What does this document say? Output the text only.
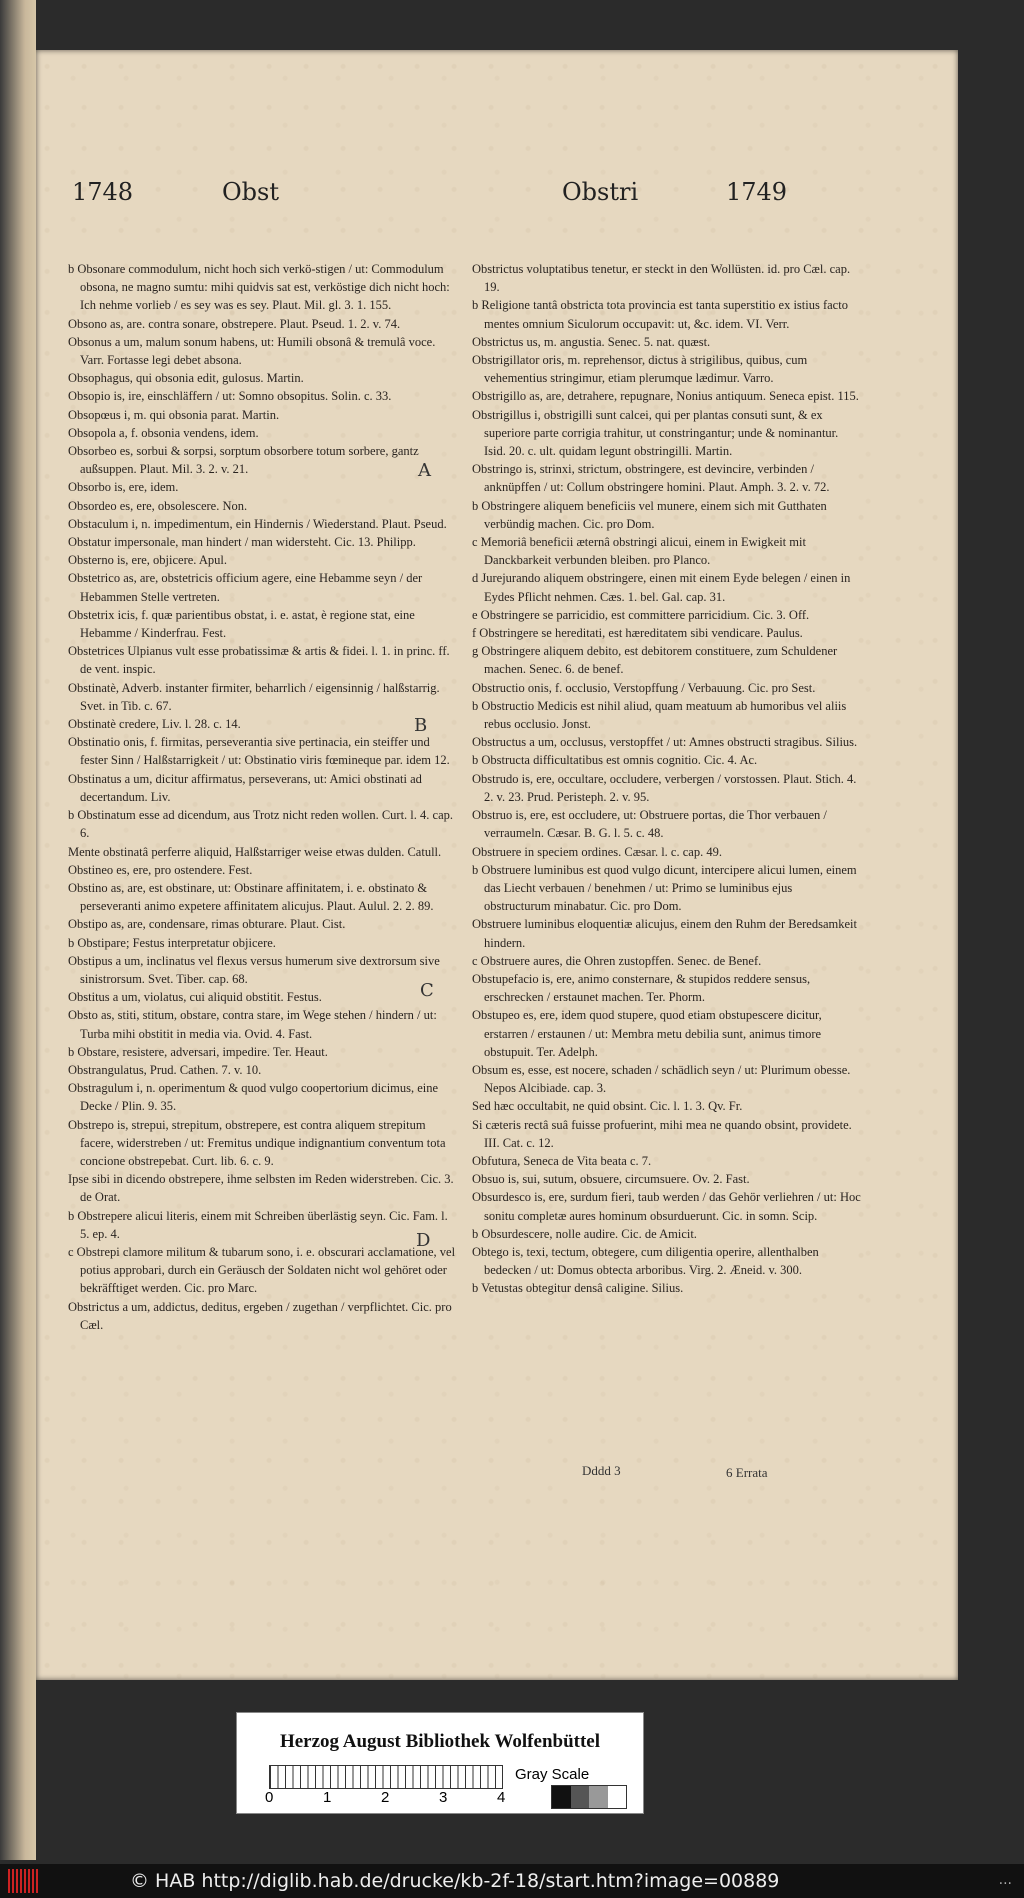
1748	Obst	Obstri	1749

b Obsonare commodulum, nicht hoch sich verkö-stigen / ut: Commodulum obsona, ne magno sumtu: mihi quidvis sat est, verköstige dich nicht hoch: Ich nehme vorlieb / es sey was es sey. Plaut. Mil. gl. 3. 1. 155.

Obsono as, are. contra sonare, obstrepere. Plaut. Pseud. 1. 2. v. 74.

Obsonus a um, malum sonum habens, ut: Humili obsonâ & tremulâ voce. Varr. Fortasse legi debet absona.

Obsophagus, qui obsonia edit, gulosus. Martin.

Obsopio is, ire, einschläffern / ut: Somno obsopitus. Solin. c. 33.

Obsopœus i, m. qui obsonia parat. Martin.

Obsopola a, f. obsonia vendens, idem.

Obsorbeo es, sorbui & sorpsi, sorptum obsorbere totum sorbere, gantz außsuppen. Plaut. Mil. 3. 2. v. 21.

Obsorbo is, ere, idem.

Obsordeo es, ere, obsolescere. Non.

Obstaculum i, n. impedimentum, ein Hindernis / Wiederstand. Plaut. Pseud.

Obstatur impersonale, man hindert / man widersteht. Cic. 13. Philipp.

Obsterno is, ere, objicere. Apul.

Obstetrico as, are, obstetricis officium agere, eine Hebamme seyn / der Hebammen Stelle vertreten.

Obstetrix icis, f. quæ parientibus obstat, i. e. astat, è regione stat, eine Hebamme / Kinderfrau. Fest.

Obstetrices Ulpianus vult esse probatissimæ & artis & fidei. l. 1. in princ. ff. de vent. inspic.

Obstinatè, Adverb. instanter firmiter, beharrlich / eigensinnig / halßstarrig. Svet. in Tib. c. 67.

Obstinatè credere, Liv. l. 28. c. 14.

Obstinatio onis, f. firmitas, perseverantia sive pertinacia, ein steiffer und fester Sinn / Halßstarrigkeit / ut: Obstinatio viris fœmineque par. idem 12.

Obstinatus a um, dicitur affirmatus, perseverans, ut: Amici obstinati ad decertandum. Liv.

b Obstinatum esse ad dicendum, aus Trotz nicht reden wollen. Curt. l. 4. cap. 6.

Mente obstinatâ perferre aliquid, Halßstarriger weise etwas dulden. Catull.

Obstineo es, ere, pro ostendere. Fest.

Obstino as, are, est obstinare, ut: Obstinare affinitatem, i. e. obstinato & perseveranti animo expetere affinitatem alicujus. Plaut. Aulul. 2. 2. 89.

Obstipo as, are, condensare, rimas obturare. Plaut. Cist.

b Obstipare; Festus interpretatur objicere.

Obstipus a um, inclinatus vel flexus versus humerum sive dextrorsum sive sinistrorsum. Svet. Tiber. cap. 68.

Obstitus a um, violatus, cui aliquid obstitit. Festus.

Obsto as, stiti, stitum, obstare, contra stare, im Wege stehen / hindern / ut: Turba mihi obstitit in media via. Ovid. 4. Fast.

b Obstare, resistere, adversari, impedire. Ter. Heaut.

Obstrangulatus, Prud. Cathen. 7. v. 10.

Obstragulum i, n. operimentum & quod vulgo coopertorium dicimus, eine Decke / Plin. 9. 35.

Obstrepo is, strepui, strepitum, obstrepere, est contra aliquem strepitum facere, widerstreben / ut: Fremitus undique indignantium conventum tota concione obstrepebat. Curt. lib. 6. c. 9.

Ipse sibi in dicendo obstrepere, ihme selbsten im Reden widerstreben. Cic. 3. de Orat.

b Obstrepere alicui literis, einem mit Schreiben überlästig seyn. Cic. Fam. l. 5. ep. 4.

c Obstrepi clamore militum & tubarum sono, i. e. obscurari acclamatione, vel potius approbari, durch ein Geräusch der Soldaten nicht wol gehöret oder bekräfftiget werden. Cic. pro Marc.

Obstrictus a um, addictus, deditus, ergeben / zugethan / verpflichtet. Cic. pro Cæl.

Obstrictus voluptatibus tenetur, er steckt in den Wollüsten. id. pro Cæl. cap. 19.

b Religione tantâ obstricta tota provincia est tanta superstitio ex istius facto mentes omnium Siculorum occupavit: ut, &c. idem. VI. Verr.

Obstrictus us, m. angustia. Senec. 5. nat. quæst.

Obstrigillator oris, m. reprehensor, dictus à strigilibus, quibus, cum vehementius stringimur, etiam plerumque lædimur. Varro.

Obstrigillo as, are, detrahere, repugnare, Nonius antiquum. Seneca epist. 115.

Obstrigillus i, obstrigilli sunt calcei, qui per plantas consuti sunt, & ex superiore parte corrigia trahitur, ut constringantur; unde & nominantur. Isid. 20. c. ult. quidam legunt obstringilli. Martin.

Obstringo is, strinxi, strictum, obstringere, est devincire, verbinden / anknüpffen / ut: Collum obstringere homini. Plaut. Amph. 3. 2. v. 72.

b Obstringere aliquem beneficiis vel munere, einem sich mit Gutthaten verbündig machen. Cic. pro Dom.

c Memoriâ beneficii æternâ obstringi alicui, einem in Ewigkeit mit Danckbarkeit verbunden bleiben. pro Planco.

d Jurejurando aliquem obstringere, einen mit einem Eyde belegen / einen in Eydes Pflicht nehmen. Cæs. 1. bel. Gal. cap. 31.

e Obstringere se parricidio, est committere parricidium. Cic. 3. Off.

f Obstringere se hereditati, est hæreditatem sibi vendicare. Paulus.

g Obstringere aliquem debito, est debitorem constituere, zum Schuldener machen. Senec. 6. de benef.

Obstructio onis, f. occlusio, Verstopffung / Verbauung. Cic. pro Sest.

b Obstructio Medicis est nihil aliud, quam meatuum ab humoribus vel aliis rebus occlusio. Jonst.

Obstructus a um, occlusus, verstopffet / ut: Amnes obstructi stragibus. Silius.

b Obstructa difficultatibus est omnis cognitio. Cic. 4. Ac.

Obstrudo is, ere, occultare, occludere, verbergen / vorstossen. Plaut. Stich. 4. 2. v. 23. Prud. Peristeph. 2. v. 95.

Obstruo is, ere, est occludere, ut: Obstruere portas, die Thor verbauen / verraumeln. Cæsar. B. G. l. 5. c. 48.

Obstruere in speciem ordines. Cæsar. l. c. cap. 49.

b Obstruere luminibus est quod vulgo dicunt, intercipere alicui lumen, einem das Liecht verbauen / benehmen / ut: Primo se luminibus ejus obstructurum minabatur. Cic. pro Dom.

Obstruere luminibus eloquentiæ alicujus, einem den Ruhm der Beredsamkeit hindern.

c Obstruere aures, die Ohren zustopffen. Senec. de Benef.

Obstupefacio is, ere, animo consternare, & stupidos reddere sensus, erschrecken / erstaunet machen. Ter. Phorm.

Obstupeo es, ere, idem quod stupere, quod etiam obstupescere dicitur, erstarren / erstaunen / ut: Membra metu debilia sunt, animus timore obstupuit. Ter. Adelph.

Obsum es, esse, est nocere, schaden / schädlich seyn / ut: Plurimum obesse. Nepos Alcibiade. cap. 3.

Sed hæc occultabit, ne quid obsint. Cic. l. 1. 3. Qv. Fr.

Si cæteris rectâ suâ fuisse profuerint, mihi mea ne quando obsint, providete. III. Cat. c. 12.

Obfutura, Seneca de Vita beata c. 7.

Obsuo is, sui, sutum, obsuere, circumsuere. Ov. 2. Fast.

Obsurdesco is, ere, surdum fieri, taub werden / das Gehör verliehren / ut: Hoc sonitu completæ aures hominum obsurduerunt. Cic. in somn. Scip.

b Obsurdescere, nolle audire. Cic. de Amicit.

Obtego is, texi, tectum, obtegere, cum diligentia operire, allenthalben bedecken / ut: Domus obtecta arboribus. Virg. 2. Æneid. v. 300.

b Vetustas obtegitur densâ caligine. Silius.

A
B
C
D
Dddd 3	6 Errata
Herzog August Bibliothek Wolfenbüttel
0	1	2	3	4
Gray Scale
© HAB http://diglib.hab.de/drucke/kb-2f-18/start.htm?image=00889	...
